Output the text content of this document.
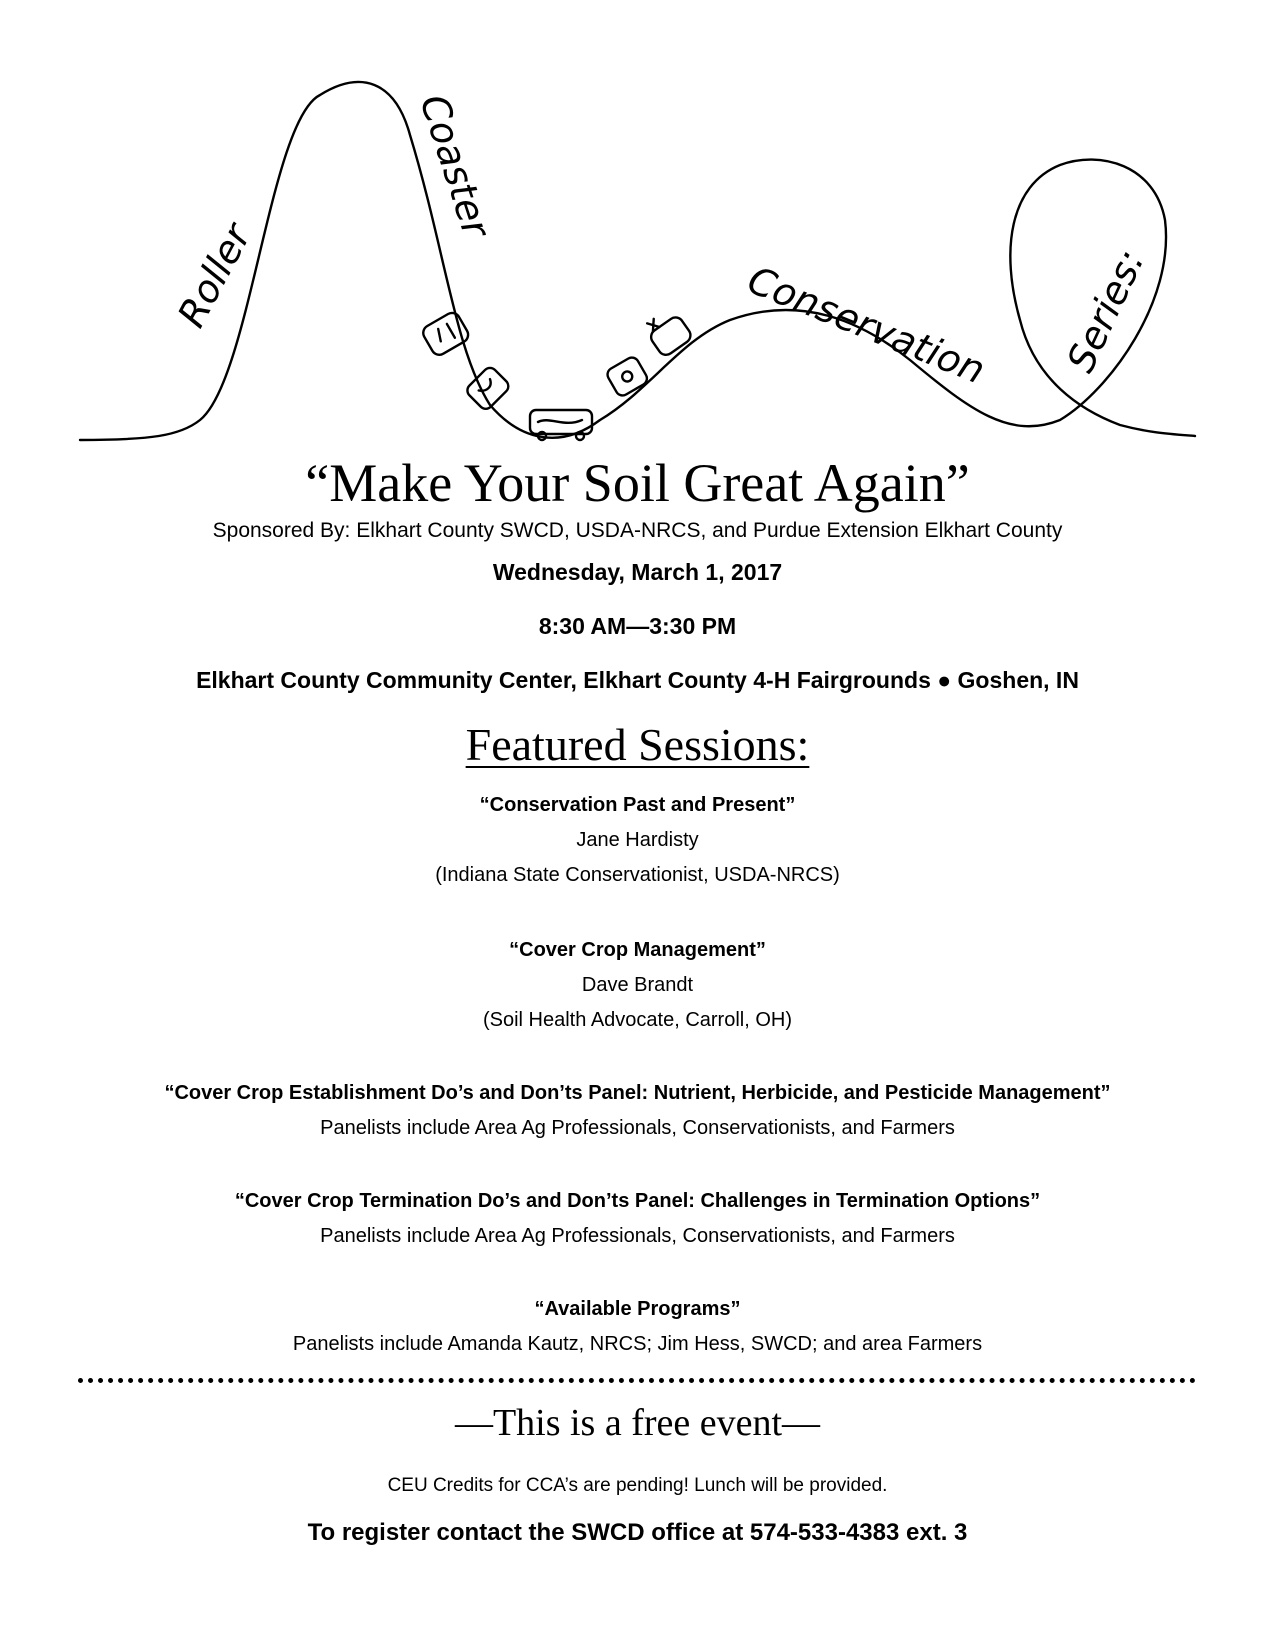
Roller
Coaster
Conservation Series:
“Make Your Soil Great Again”
Sponsored By: Elkhart County SWCD, USDA-NRCS, and Purdue Extension Elkhart County
Wednesday, March 1, 2017
8:30 AM—3:30 PM
Elkhart County Community Center, Elkhart County 4-H Fairgrounds ● Goshen, IN
Featured Sessions:
“Conservation Past and Present”
Jane Hardisty
(Indiana State Conservationist, USDA-NRCS)
“Cover Crop Management”
Dave Brandt
(Soil Health Advocate, Carroll, OH)
“Cover Crop Establishment Do’s and Don’ts Panel: Nutrient, Herbicide, and Pesticide Management”
Panelists include Area Ag Professionals, Conservationists, and Farmers
“Cover Crop Termination Do’s and Don’ts Panel: Challenges in Termination Options”
Panelists include Area Ag Professionals, Conservationists, and Farmers
“Available Programs”
Panelists include Amanda Kautz, NRCS; Jim Hess, SWCD; and area Farmers
—This is a free event—
CEU Credits for CCA’s are pending! Lunch will be provided.
To register contact the SWCD office at 574-533-4383 ext. 3
